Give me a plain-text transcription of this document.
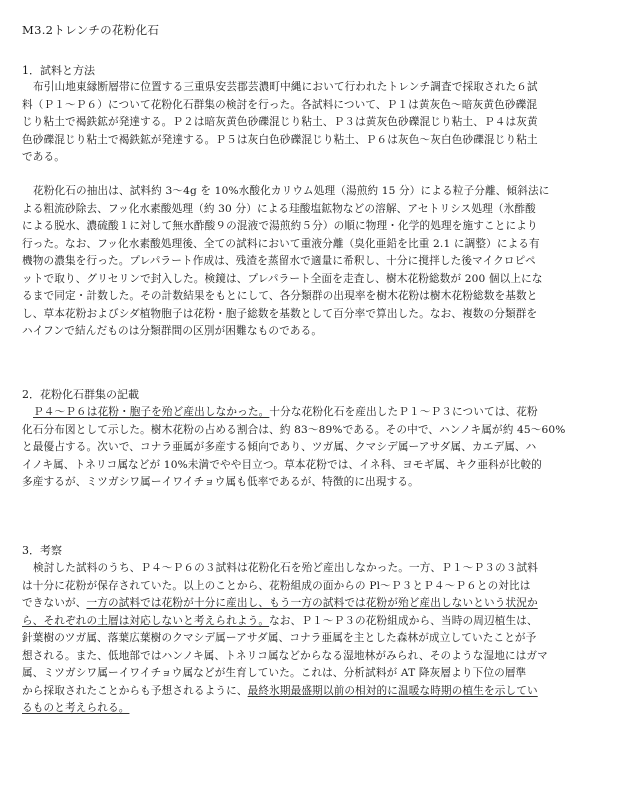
M3.2トレンチの花粉化石
1．試料と方法
布引山地東縁断層帯に位置する三重県安芸郡芸濃町中縄において行われたトレンチ調査で採取された６試
料（Ｐ１～Ｐ６）について花粉化石群集の検討を行った。各試料について、Ｐ１は黄灰色～暗灰黄色砂礫混
じり粘土で褐鉄鉱が発達する。Ｐ２は暗灰黄色砂礫混じり粘土、Ｐ３は黄灰色砂礫混じり粘土、Ｐ４は灰黄
色砂礫混じり粘土で褐鉄鉱が発達する。Ｐ５は灰白色砂礫混じり粘土、Ｐ６は灰色～灰白色砂礫混じり粘土
である。
花粉化石の抽出は、試料約 3～4g を 10%水酸化カリウム処理（湯煎約 15 分）による粒子分離、傾斜法に
よる粗流砂除去、フッ化水素酸処理（約 30 分）による珪酸塩鉱物などの溶解、アセトリシス処理（氷酢酸
による脱水、濃硫酸１に対して無水酢酸９の混液で湯煎約５分）の順に物理・化学的処理を施すことにより
行った。なお、フッ化水素酸処理後、全ての試料において重液分離（臭化亜鉛を比重 2.1 に調整）による有
機物の濃集を行った。プレパラート作成は、残渣を蒸留水で適量に希釈し、十分に撹拌した後マイクロピペ
ットで取り、グリセリンで封入した。検鏡は、プレパラート全面を走査し、樹木花粉総数が 200 個以上にな
るまで同定・計数した。その計数結果をもとにして、各分類群の出現率を樹木花粉は樹木花粉総数を基数と
し、草本花粉およびシダ植物胞子は花粉・胞子総数を基数として百分率で算出した。なお、複数の分類群を
ハイフンで結んだものは分類群間の区別が困難なものである。
2．花粉化石群集の記載
Ｐ４～Ｐ６は花粉・胞子を殆ど産出しなかった。十分な花粉化石を産出したＰ１～Ｐ３については、花粉
化石分布図として示した。樹木花粉の占める割合は、約 83～89%である。その中で、ハンノキ属が約 45～60%
と最優占する。次いで、コナラ亜属が多産する傾向であり、ツガ属、クマシデ属ーアサダ属、カエデ属、ハ
イノキ属、トネリコ属などが 10%未満でやや目立つ。草本花粉では、イネ科、ヨモギ属、キク亜科が比較的
多産するが、ミツガシワ属ーイワイチョウ属も低率であるが、特徴的に出現する。
3．考察
検討した試料のうち、Ｐ４～Ｐ６の３試料は花粉化石を殆ど産出しなかった。一方、Ｐ１～Ｐ３の３試料
は十分に花粉が保存されていた。以上のことから、花粉組成の面からの Pl～Ｐ３とＰ４～Ｐ６との対比は
できないが、一方の試料では花粉が十分に産出し、もう一方の試料では花粉が殆ど産出しないという状況か
ら、それぞれの土層は対応しないと考えられよう。なお、Ｐ１～Ｐ３の花粉組成から、当時の周辺植生は、
針葉樹のツガ属、落葉広葉樹のクマシデ属ーアサダ属、コナラ亜属を主とした森林が成立していたことが予
想される。また、低地部ではハンノキ属、トネリコ属などからなる湿地林がみられ、そのような湿地にはガマ
属、ミツガシワ属ーイワイチョウ属などが生育していた。これは、分析試料が AT 降灰層より下位の層準
から採取されたことからも予想されるように、最終氷期最盛期以前の相対的に温暖な時期の植生を示してい
るものと考えられる。
